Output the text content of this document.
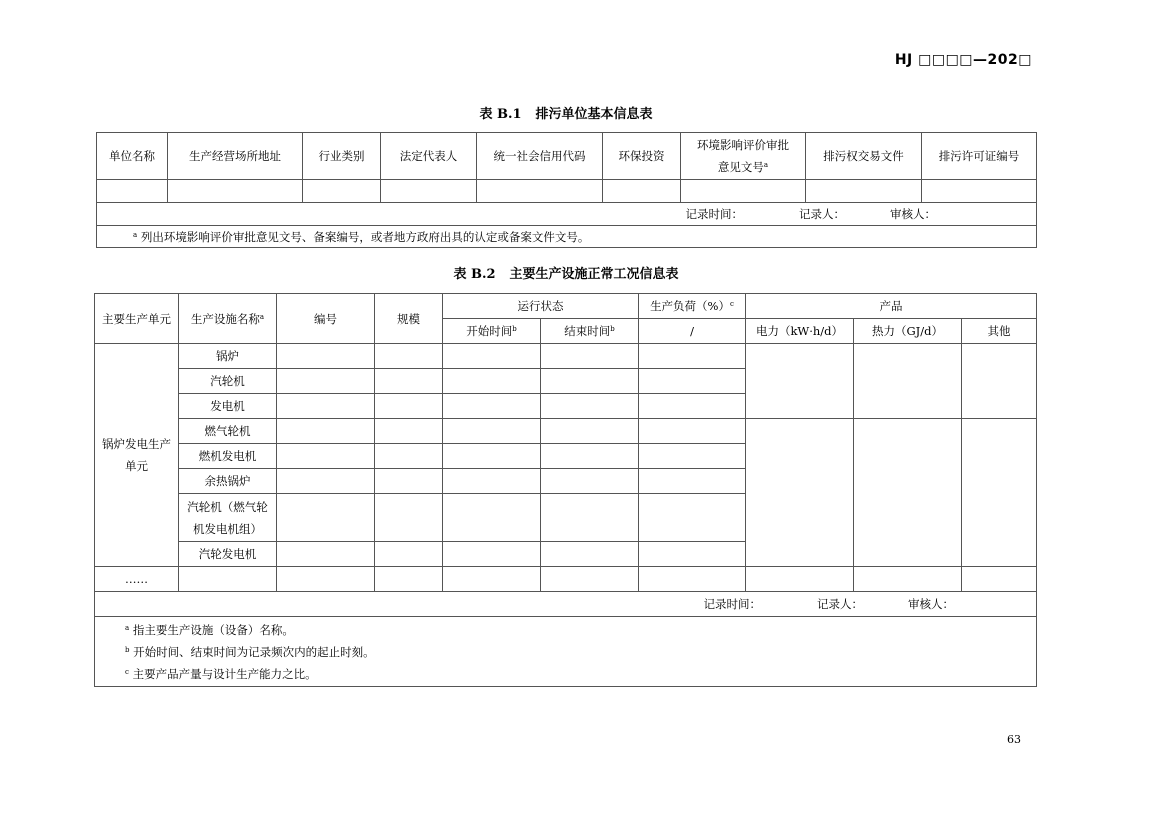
HJ □□□□—202□
表 B.1 排污单位基本信息表
单位名称	生产经营场所地址	行业类别	法定代表人	统一社会信用代码	环保投资	环境影响评价审批
意见文号$^a$	排污权交易文件	排污许可证编号

记录时间： 记录人： 审核人：								
$^a$ 列出环境影响评价审批意见文号、备案编号，或者地方政府出具的认定或备案文件文号。								
表 B.2 主要生产设施正常工况信息表
主要生产单元	生产设施名称$^a$	编号	规模	运行状态		生产负荷（%）$^c$	产品		
				开始时间$^b$	结束时间$^b$	/	电力（kW·h/d）	热力（GJ/d）	其他
锅炉发电生产
单元	锅炉								
	汽轮机								
	发电机								
	燃气轮机								
	燃机发电机								
	余热锅炉								
	汽轮机（燃气轮
机发电机组）								
	汽轮发电机								
……									
记录时间： 记录人： 审核人：									

$^a$ 指主要生产设施（设备）名称。
$^b$ 开始时间、结束时间为记录频次内的起止时刻。
$^c$ 主要产品产量与设计生产能力之比。									
63
